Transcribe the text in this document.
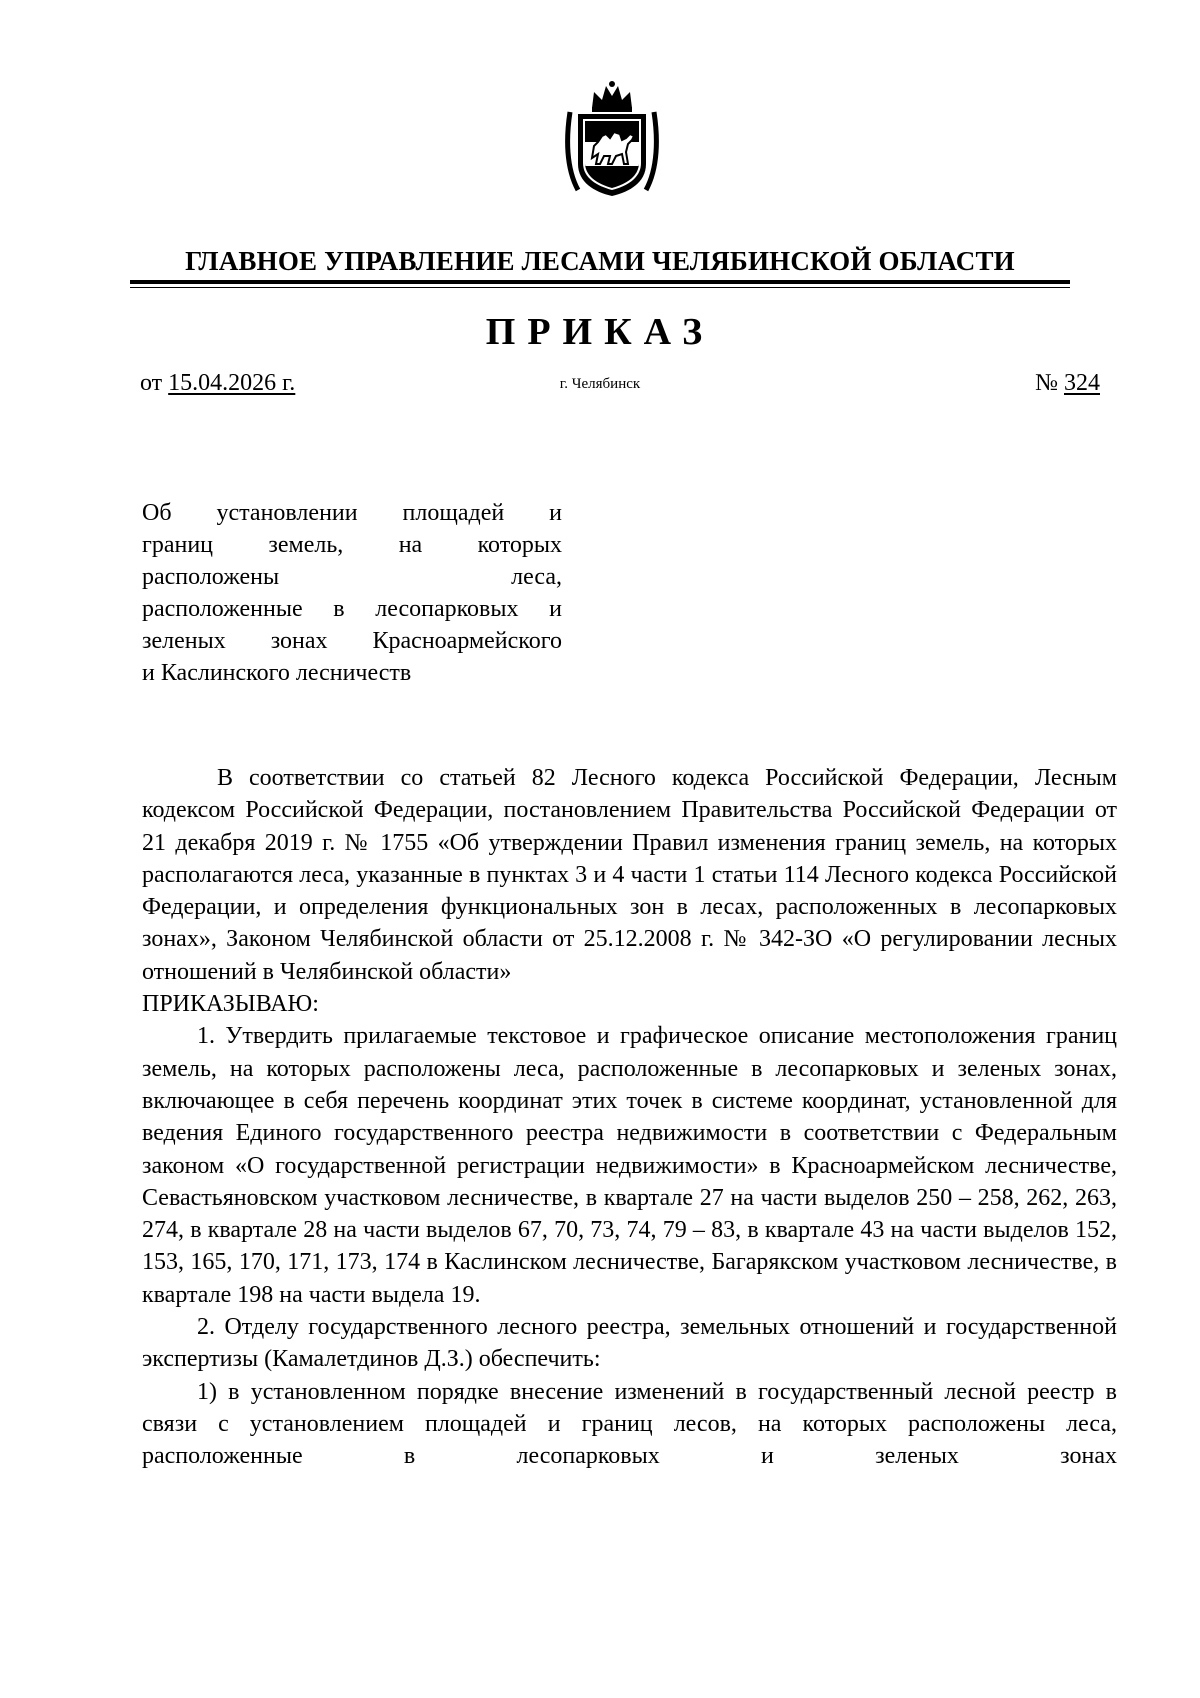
ГЛАВНОЕ УПРАВЛЕНИЕ ЛЕСАМИ ЧЕЛЯБИНСКОЙ ОБЛАСТИ
ПРИКАЗ
от 15.04.2026 г.	г. Челябинск	№ 324
Об установлении площадей и
границ земель, на которых
расположены леса,
расположенные в лесопарковых и
зеленых зонах Красноармейского
и Каслинского лесничеств

В соответствии со статьей 82 Лесного кодекса Российской Федерации, Лесным кодексом Российской Федерации, постановлением Правительства Российской Федерации от 21 декабря 2019 г. № 1755 «Об утверждении Правил изменения границ земель, на которых располагаются леса, указанные в пунктах 3 и 4 части 1 статьи 114 Лесного кодекса Российской Федерации, и определения функциональных зон в лесах, расположенных в лесопарковых зонах», Законом Челябинской области от 25.12.2008 г. № 342-ЗО «О регулировании лесных отношений в Челябинской области»

ПРИКАЗЫВАЮ:

1. Утвердить прилагаемые текстовое и графическое описание местоположения границ земель, на которых расположены леса, расположенные в лесопарковых и зеленых зонах, включающее в себя перечень координат этих точек в системе координат, установленной для ведения Единого государственного реестра недвижимости в соответствии с Федеральным законом «О государственной регистрации недвижимости» в Красноармейском лесничестве, Севастьяновском участковом лесничестве, в квартале 27 на части выделов 250 – 258, 262, 263, 274, в квартале 28 на части выделов 67, 70, 73, 74, 79 – 83, в квартале 43 на части выделов 152, 153, 165, 170, 171, 173, 174 в Каслинском лесничестве, Багарякском участковом лесничестве, в квартале 198 на части выдела 19.

2. Отделу государственного лесного реестра, земельных отношений и государственной экспертизы (Камалетдинов Д.З.) обеспечить:

1) в установленном порядке внесение изменений в государственный лесной реестр в связи с установлением площадей и границ лесов, на которых расположены леса, расположенные в лесопарковых и зеленых зонах
